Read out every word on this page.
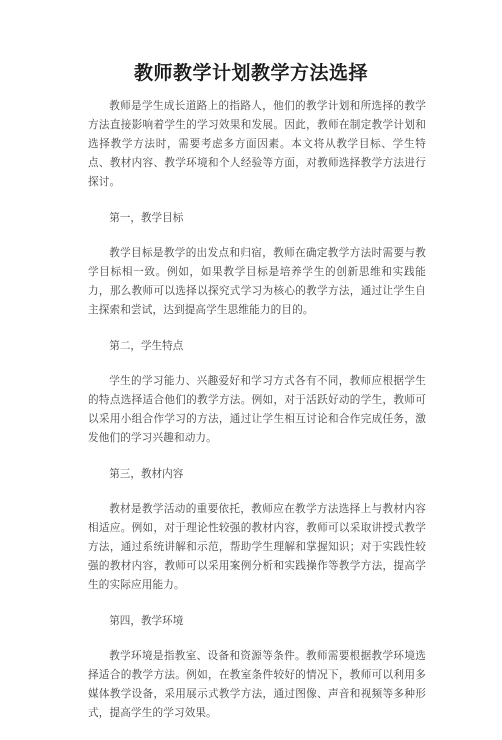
教师教学计划教学方法选择

教师是学生成长道路上的指路人，他们的教学计划和所选择的教学方法直接影响着学生的学习效果和发展。因此，教师在制定教学计划和选择教学方法时，需要考虑多方面因素。本文将从教学目标、学生特点、教材内容、教学环境和个人经验等方面，对教师选择教学方法进行探讨。

第一，教学目标

教学目标是教学的出发点和归宿，教师在确定教学方法时需要与教学目标相一致。例如，如果教学目标是培养学生的创新思维和实践能力，那么教师可以选择以探究式学习为核心的教学方法，通过让学生自主探索和尝试，达到提高学生思维能力的目的。

第二，学生特点

学生的学习能力、兴趣爱好和学习方式各有不同，教师应根据学生的特点选择适合他们的教学方法。例如，对于活跃好动的学生，教师可以采用小组合作学习的方法，通过让学生相互讨论和合作完成任务，激发他们的学习兴趣和动力。

第三，教材内容

教材是教学活动的重要依托，教师应在教学方法选择上与教材内容相适应。例如，对于理论性较强的教材内容，教师可以采取讲授式教学方法，通过系统讲解和示范，帮助学生理解和掌握知识；对于实践性较强的教材内容，教师可以采用案例分析和实践操作等教学方法，提高学生的实际应用能力。

第四，教学环境

教学环境是指教室、设备和资源等条件。教师需要根据教学环境选择适合的教学方法。例如，在教室条件较好的情况下，教师可以利用多媒体教学设备，采用展示式教学方法，通过图像、声音和视频等多种形式，提高学生的学习效果。
